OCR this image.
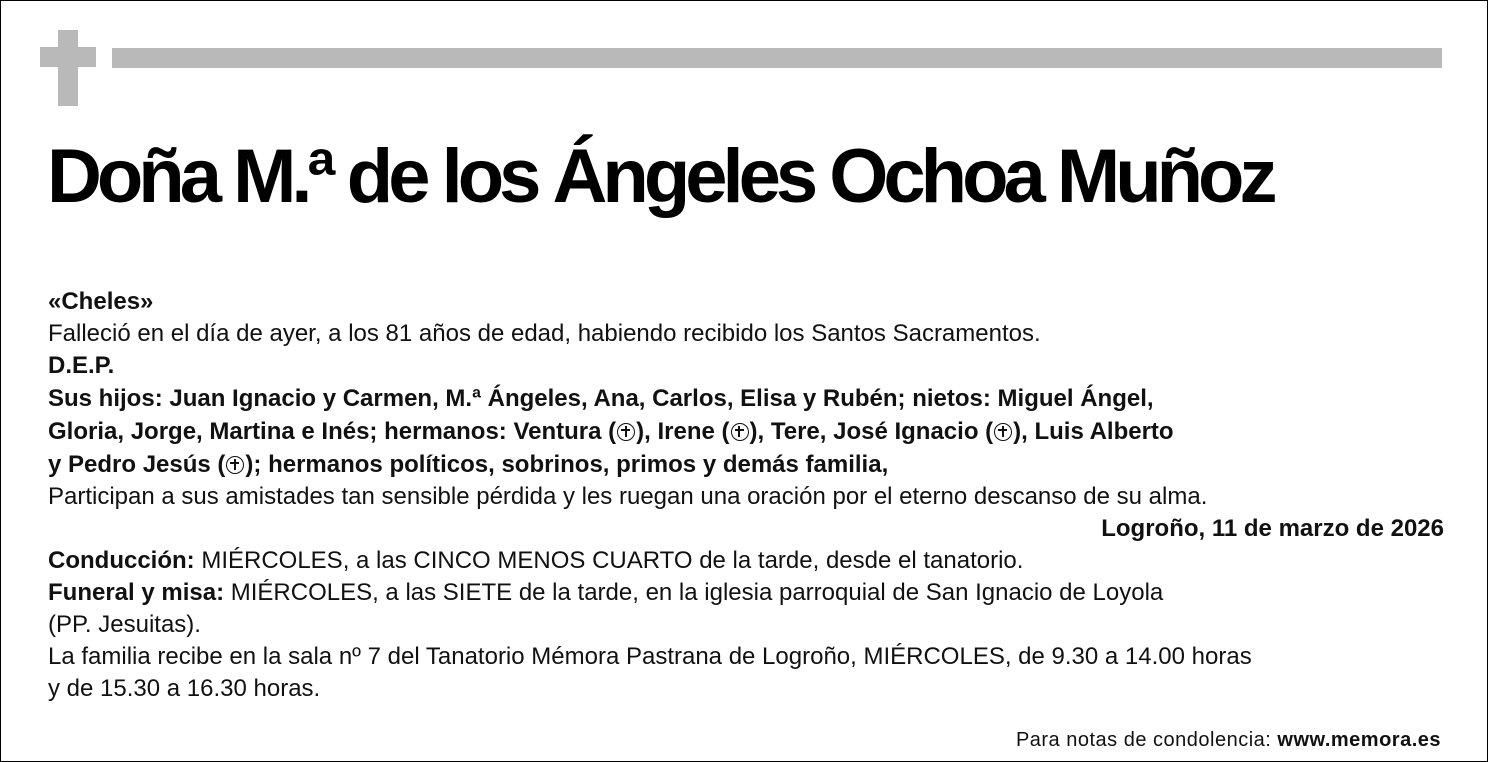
Doña M.ª de los Ángeles Ochoa Muñoz

«Cheles»

Falleció en el día de ayer, a los 81 años de edad, habiendo recibido los Santos Sacramentos.

D.E.P.

Sus hijos: Juan Ignacio y Carmen, M.ª Ángeles, Ana, Carlos, Elisa y Rubén; nietos: Miguel Ángel,
Gloria, Jorge, Martina e Inés; hermanos: Ventura ( ), Irene ( ), Tere, José Ignacio ( ), Luis Alberto
y Pedro Jesús ( ); hermanos políticos, sobrinos, primos y demás familia,

Participan a sus amistades tan sensible pérdida y les ruegan una oración por el eterno descanso de su alma.

Logroño, 11 de marzo de 2026

Conducción: MIÉRCOLES, a las CINCO MENOS CUARTO de la tarde, desde el tanatorio.

Funeral y misa: MIÉRCOLES, a las SIETE de la tarde, en la iglesia parroquial de San Ignacio de Loyola
(PP. Jesuitas).

La familia recibe en la sala nº 7 del Tanatorio Mémora Pastrana de Logroño, MIÉRCOLES, de 9.30 a 14.00 horas
y de 15.30 a 16.30 horas.

Para notas de condolencia: www.memora.es
